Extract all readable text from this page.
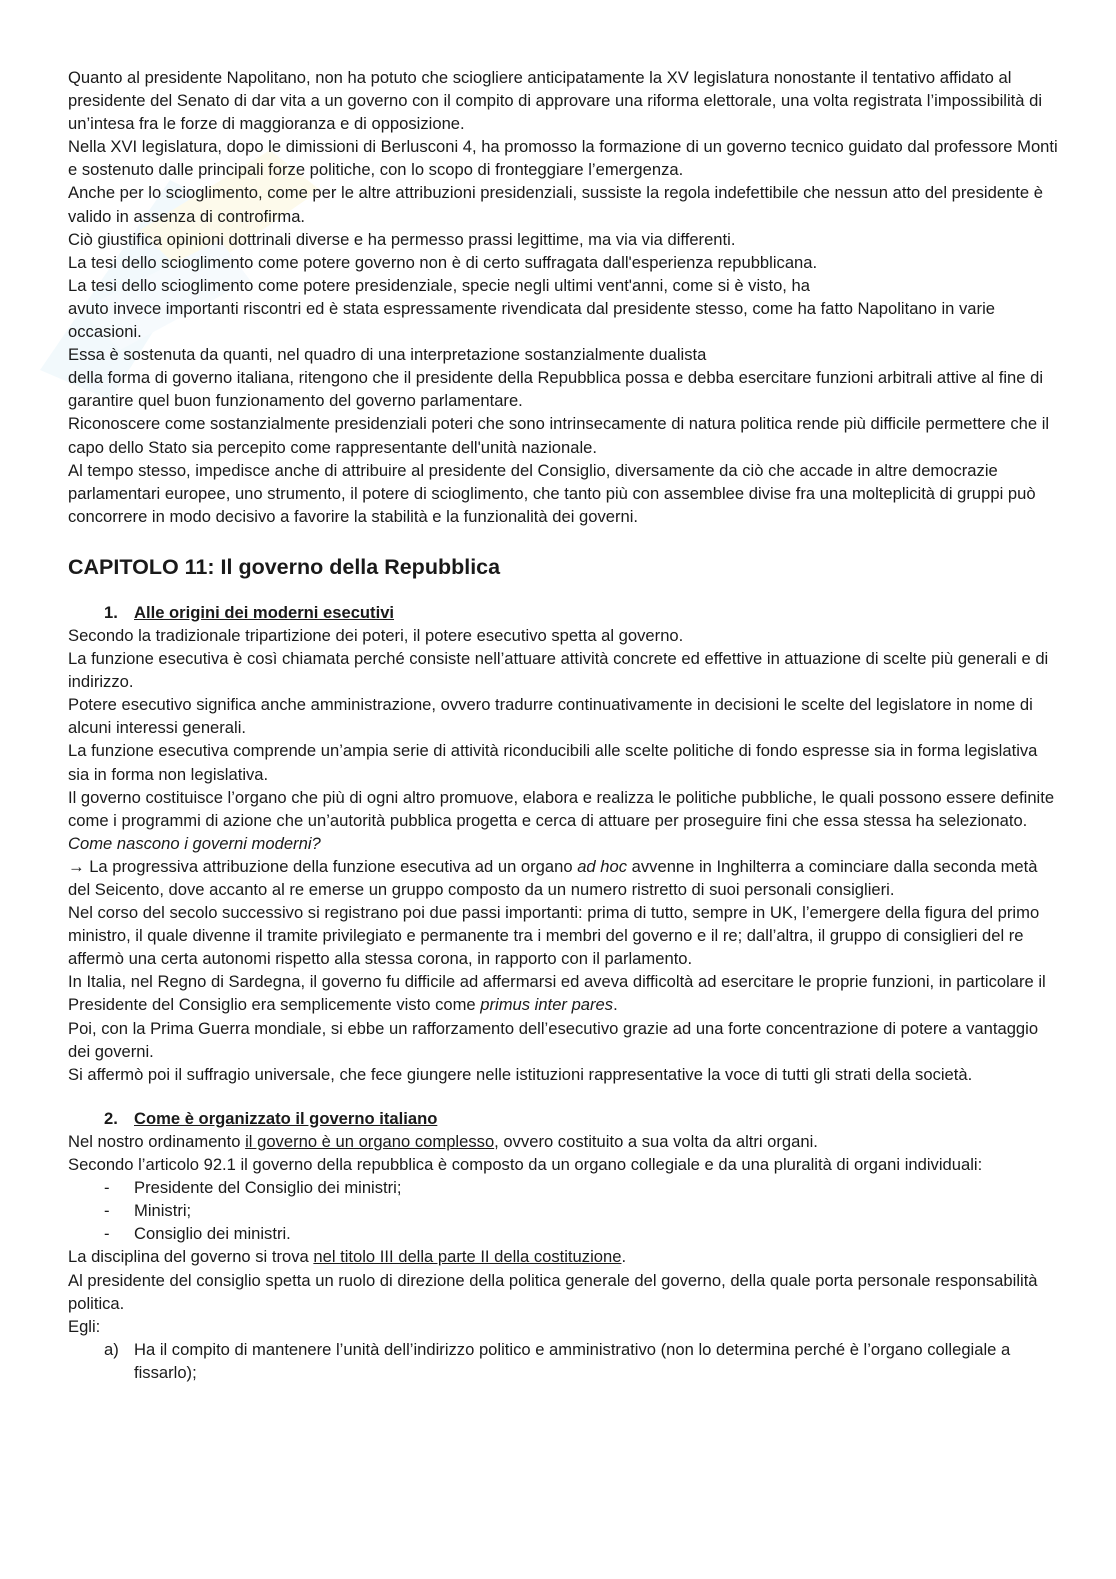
Quanto al presidente Napolitano, non ha potuto che sciogliere anticipatamente la XV legislatura nonostante il tentativo affidato al presidente del Senato di dar vita a un governo con il compito di approvare una riforma elettorale, una volta registrata l’impossibilità di un’intesa fra le forze di maggioranza e di opposizione.

Nella XVI legislatura, dopo le dimissioni di Berlusconi 4, ha promosso la formazione di un governo tecnico guidato dal professore Monti e sostenuto dalle principali forze politiche, con lo scopo di fronteggiare l’emergenza.

Anche per lo scioglimento, come per le altre attribuzioni presidenziali, sussiste la regola indefettibile che nessun atto del presidente è valido in assenza di controfirma.

Ciò giustifica opinioni dottrinali diverse e ha permesso prassi legittime, ma via via differenti.

La tesi dello scioglimento come potere governo non è di certo suffragata dall'esperienza repubblicana.

La tesi dello scioglimento come potere presidenziale, specie negli ultimi vent'anni, come si è visto, ha

avuto invece importanti riscontri ed è stata espressamente rivendicata dal presidente stesso, come ha fatto Napolitano in varie occasioni.

Essa è sostenuta da quanti, nel quadro di una interpretazione sostanzialmente dualista

della forma di governo italiana, ritengono che il presidente della Repubblica possa e debba esercitare funzioni arbitrali attive al fine di garantire quel buon funzionamento del governo parlamentare.

Riconoscere come sostanzialmente presidenziali poteri che sono intrinsecamente di natura politica rende più difficile permettere che il capo dello Stato sia percepito come rappresentante dell'unità nazionale.

Al tempo stesso, impedisce anche di attribuire al presidente del Consiglio, diversamente da ciò che accade in altre democrazie parlamentari europee, uno strumento, il potere di scioglimento, che tanto più con assemblee divise fra una molteplicità di gruppi può concorrere in modo decisivo a favorire la stabilità e la funzionalità dei governi.

CAPITOLO 11: Il governo della Repubblica
1. Alle origini dei moderni esecutivi

Secondo la tradizionale tripartizione dei poteri, il potere esecutivo spetta al governo.

La funzione esecutiva è così chiamata perché consiste nell’attuare attività concrete ed effettive in attuazione di scelte più generali e di indirizzo.

Potere esecutivo significa anche amministrazione, ovvero tradurre continuativamente in decisioni le scelte del legislatore in nome di alcuni interessi generali.

La funzione esecutiva comprende un’ampia serie di attività riconducibili alle scelte politiche di fondo espresse sia in forma legislativa sia in forma non legislativa.

Il governo costituisce l’organo che più di ogni altro promuove, elabora e realizza le politiche pubbliche, le quali possono essere definite come i programmi di azione che un’autorità pubblica progetta e cerca di attuare per proseguire fini che essa stessa ha selezionato.

Come nascono i governi moderni?

→ La progressiva attribuzione della funzione esecutiva ad un organo ad hoc avvenne in Inghilterra a cominciare dalla seconda metà del Seicento, dove accanto al re emerse un gruppo composto da un numero ristretto di suoi personali consiglieri.

Nel corso del secolo successivo si registrano poi due passi importanti: prima di tutto, sempre in UK, l’emergere della figura del primo ministro, il quale divenne il tramite privilegiato e permanente tra i membri del governo e il re; dall’altra, il gruppo di consiglieri del re affermò una certa autonomi rispetto alla stessa corona, in rapporto con il parlamento.

In Italia, nel Regno di Sardegna, il governo fu difficile ad affermarsi ed aveva difficoltà ad esercitare le proprie funzioni, in particolare il Presidente del Consiglio era semplicemente visto come primus inter pares.

Poi, con la Prima Guerra mondiale, si ebbe un rafforzamento dell’esecutivo grazie ad una forte concentrazione di potere a vantaggio dei governi.

Si affermò poi il suffragio universale, che fece giungere nelle istituzioni rappresentative la voce di tutti gli strati della società.

2. Come è organizzato il governo italiano

Nel nostro ordinamento il governo è un organo complesso, ovvero costituito a sua volta da altri organi.

Secondo l’articolo 92.1 il governo della repubblica è composto da un organo collegiale e da una pluralità di organi individuali:

- Presidente del Consiglio dei ministri;
- Ministri;
- Consiglio dei ministri.

La disciplina del governo si trova nel titolo III della parte II della costituzione.

Al presidente del consiglio spetta un ruolo di direzione della politica generale del governo, della quale porta personale responsabilità politica.

Egli:

a) Ha il compito di mantenere l’unità dell’indirizzo politico e amministrativo (non lo determina perché è l’organo collegiale a fissarlo);
